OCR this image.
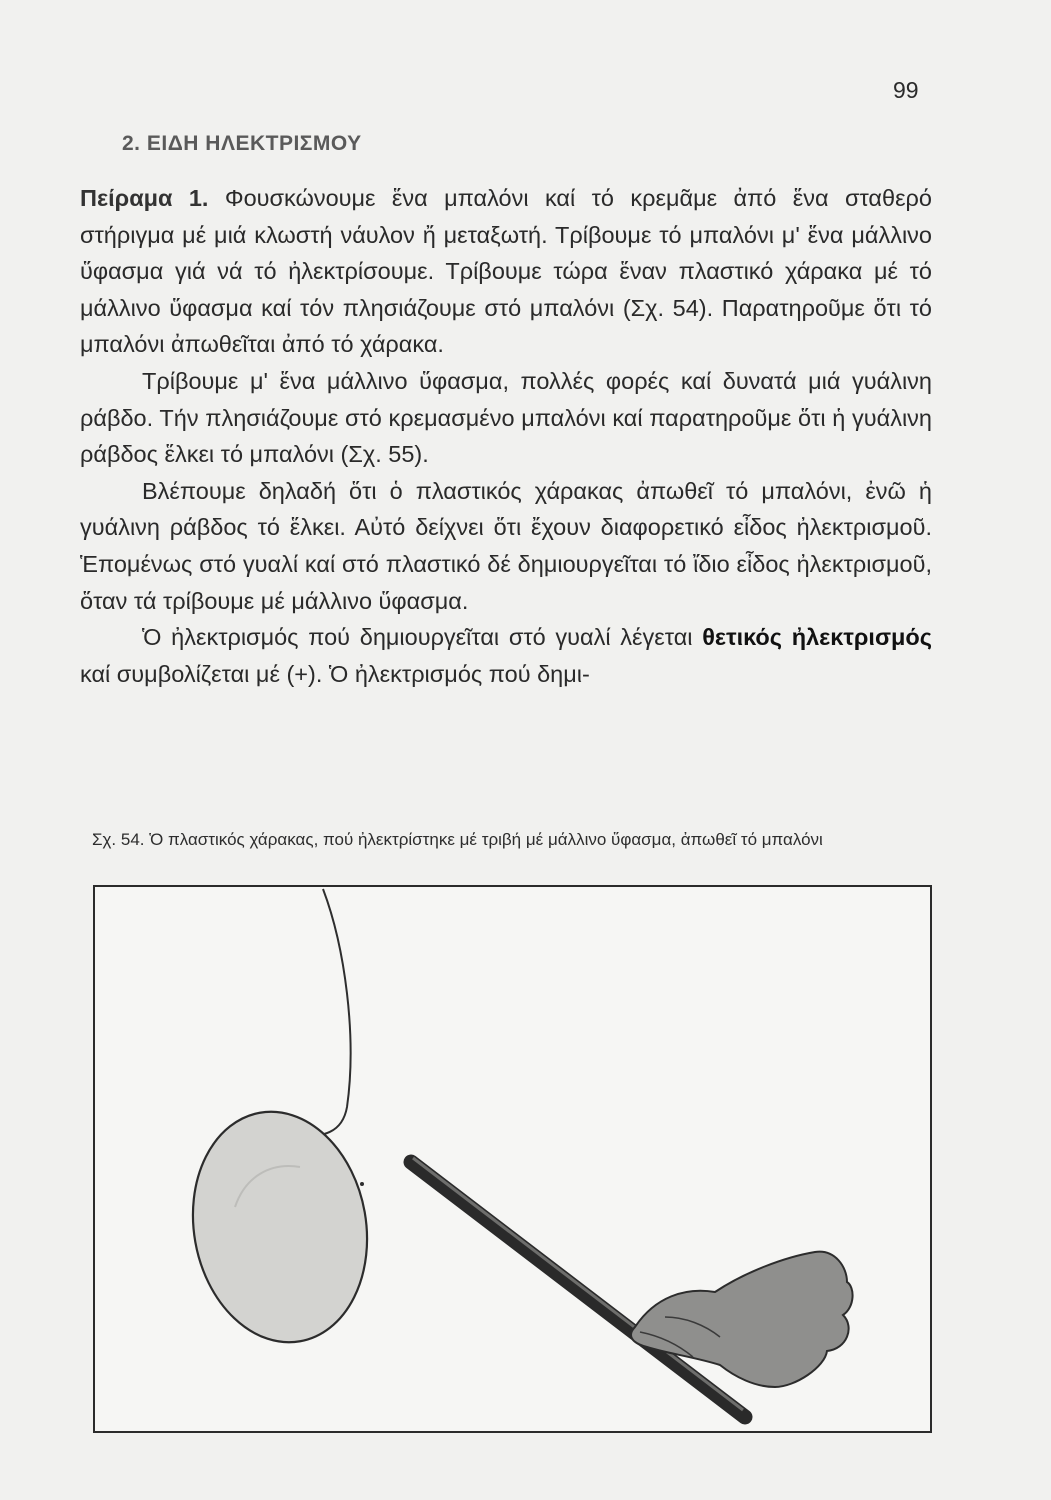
99
2. ΕΙΔΗ ΗΛΕΚΤΡΙΣΜΟΥ

Πείραμα 1. Φουσκώνουμε ἕνα μπαλόνι καί τό κρεμᾶμε ἀπό ἕνα σταθερό στήριγμα μέ μιά κλωστή νάυλον ἤ μεταξωτή. Τρίβουμε τό μπαλόνι μ' ἕνα μάλλινο ὕφασμα γιά νά τό ἠλεκτρίσουμε. Τρίβουμε τώρα ἕναν πλαστικό χάρακα μέ τό μάλλινο ὕφασμα καί τόν πλησιάζουμε στό μπαλόνι (Σχ. 54). Παρατηροῦμε ὅτι τό μπαλόνι ἀπωθεῖται ἀπό τό χάρακα.

Τρίβουμε μ' ἕνα μάλλινο ὕφασμα, πολλές φορές καί δυνατά μιά γυάλινη ράβδο. Τήν πλησιάζουμε στό κρεμασμένο μπαλόνι καί παρατηροῦμε ὅτι ἡ γυάλινη ράβδος ἕλκει τό μπαλόνι (Σχ. 55).

Βλέπουμε δηλαδή ὅτι ὁ πλαστικός χάρακας ἀπωθεῖ τό μπαλόνι, ἐνῶ ἡ γυάλινη ράβδος τό ἕλκει. Αὐτό δείχνει ὅτι ἔχουν διαφορετικό εἶδος ἠλεκτρισμοῦ. Ἑπομένως στό γυαλί καί στό πλαστικό δέ δημιουργεῖται τό ἴδιο εἶδος ἠλεκτρισμοῦ, ὅταν τά τρίβουμε μέ μάλλινο ὕφασμα.

Ὁ ἠλεκτρισμός πού δημιουργεῖται στό γυαλί λέγεται θετικός ἠλεκτρισμός καί συμβολίζεται μέ (+). Ὁ ἠλεκτρισμός πού δημι-

Σχ. 54. Ὁ πλαστικός χάρακας, πού ἠλεκτρίστηκε μέ τριβή μέ μάλλινο ὕφασμα, ἀπωθεῖ τό μπαλόνι
